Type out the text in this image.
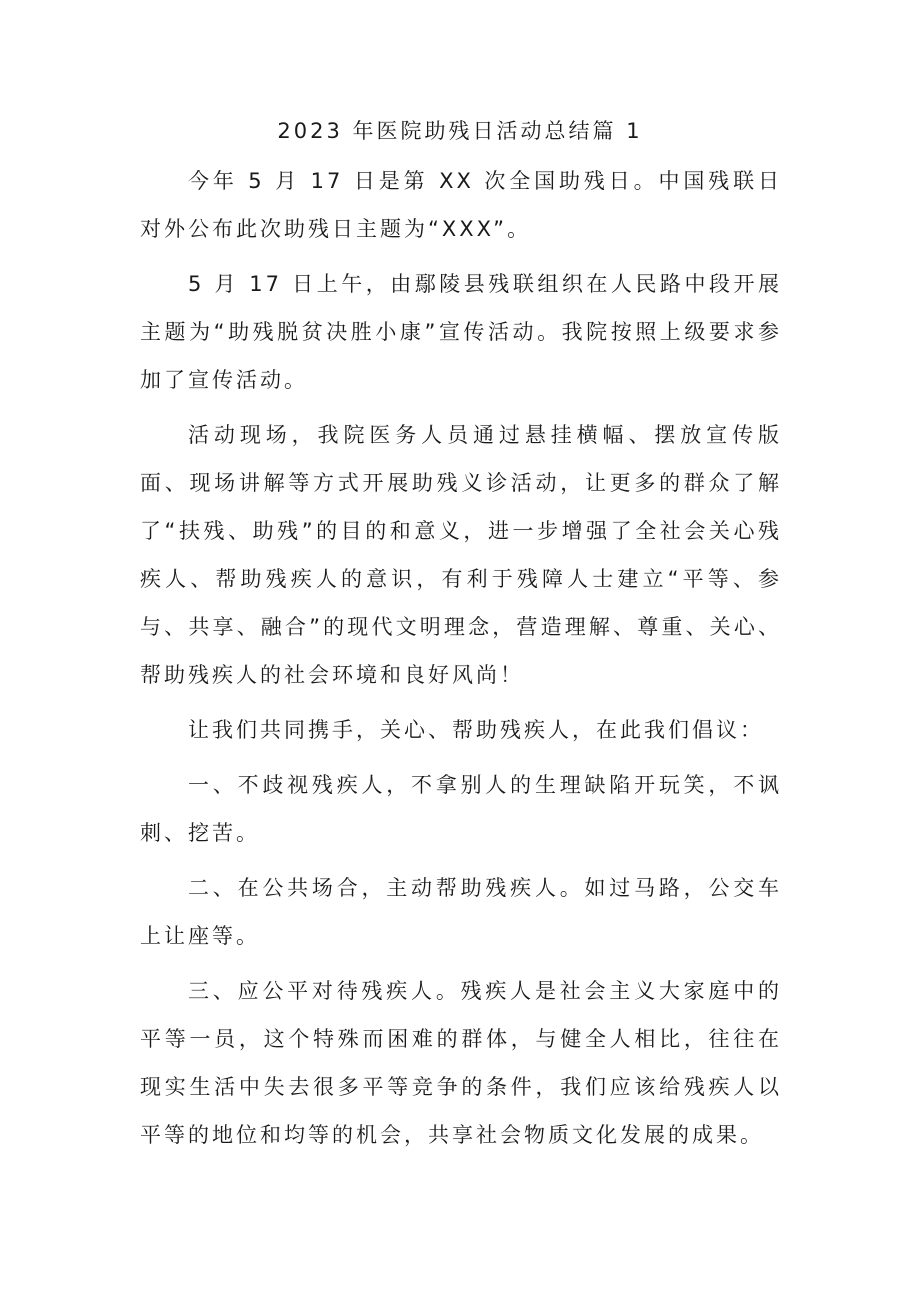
2023 年医院助残日活动总结篇 1

今年 5 月 17 日是第 XX 次全国助残日。中国残联日对外公布此次助残日主题为“XXX”。

5 月 17 日上午，由鄢陵县残联组织在人民路中段开展主题为“助残脱贫决胜小康”宣传活动。我院按照上级要求参加了宣传活动。

活动现场，我院医务人员通过悬挂横幅、摆放宣传版面、现场讲解等方式开展助残义诊活动，让更多的群众了解了“扶残、助残”的目的和意义，进一步增强了全社会关心残疾人、帮助残疾人的意识，有利于残障人士建立“平等、参与、共享、融合”的现代文明理念，营造理解、尊重、关心、帮助残疾人的社会环境和良好风尚！

让我们共同携手，关心、帮助残疾人，在此我们倡议：

一、不歧视残疾人，不拿别人的生理缺陷开玩笑，不讽刺、挖苦。

二、在公共场合，主动帮助残疾人。如过马路，公交车上让座等。

三、应公平对待残疾人。残疾人是社会主义大家庭中的平等一员，这个特殊而困难的群体，与健全人相比，往往在现实生活中失去很多平等竞争的条件，我们应该给残疾人以平等的地位和均等的机会，共享社会物质文化发展的成果。
